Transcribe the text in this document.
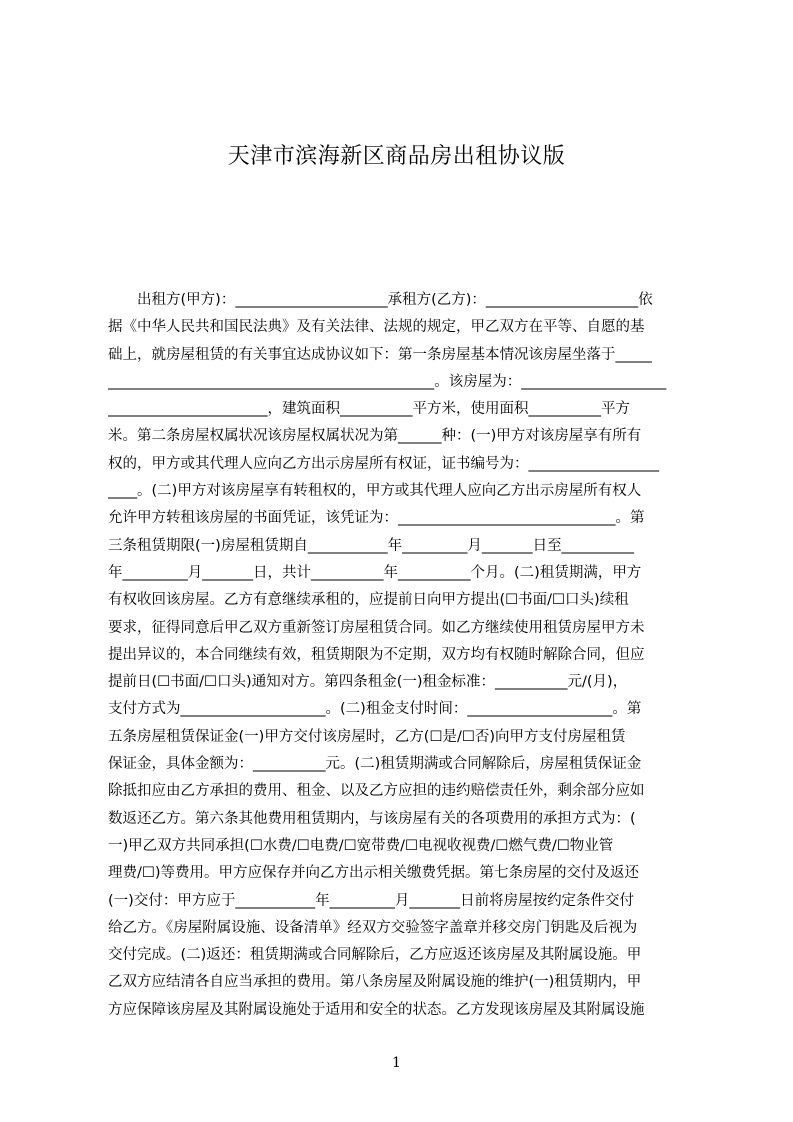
天津市滨海新区商品房出租协议版
　　出租方(甲方)：_____________________承租方(乙方)：_____________________依
据《中华人民共和国民法典》及有关法律、法规的规定，甲乙双方在平等、自愿的基
础上，就房屋租赁的有关事宜达成协议如下：第一条房屋基本情况该房屋坐落于_____
_____________________________________________。该房屋为：____________________
______________________，建筑面积__________平方米，使用面积__________平方
米。第二条房屋权属状况该房屋权属状况为第______种：(一)甲方对该房屋享有所有
权的，甲方或其代理人应向乙方出示房屋所有权证，证书编号为：__________________
____。(二)甲方对该房屋享有转租权的，甲方或其代理人应向乙方出示房屋所有权人
允许甲方转租该房屋的书面凭证，该凭证为：______________________________。第
三条租赁期限(一)房屋租赁期自___________年_________月_______日至__________
年_________月_______日，共计__________年__________个月。(二)租赁期满，甲方
有权收回该房屋。乙方有意继续承租的，应提前日向甲方提出(☐书面/☐口头)续租
要求，征得同意后甲乙双方重新签订房屋租赁合同。如乙方继续使用租赁房屋甲方未
提出异议的，本合同继续有效，租赁期限为不定期，双方均有权随时解除合同，但应
提前日(☐书面/☐口头)通知对方。第四条租金(一)租金标准：__________元/(月)，
支付方式为____________________。(二)租金支付时间：____________________。第
五条房屋租赁保证金(一)甲方交付该房屋时，乙方(☐是/☐否)向甲方支付房屋租赁
保证金，具体金额为：__________元。(二)租赁期满或合同解除后，房屋租赁保证金
除抵扣应由乙方承担的费用、租金、以及乙方应担的违约赔偿责任外，剩余部分应如
数返还乙方。第六条其他费用租赁期内，与该房屋有关的各项费用的承担方式为：(
一)甲乙双方共同承担(☐水费/☐电费/☐宽带费/☐电视收视费/☐燃气费/☐物业管
理费/☐)等费用。甲方应保存并向乙方出示相关缴费凭据。第七条房屋的交付及返还
(一)交付：甲方应于___________年_________月_______日前将房屋按约定条件交付
给乙方。《房屋附属设施、设备清单》经双方交验签字盖章并移交房门钥匙及后视为
交付完成。(二)返还：租赁期满或合同解除后，乙方应返还该房屋及其附属设施。甲
乙双方应结清各自应当承担的费用。第八条房屋及附属设施的维护(一)租赁期内，甲
方应保障该房屋及其附属设施处于适用和安全的状态。乙方发现该房屋及其附属设施
1
